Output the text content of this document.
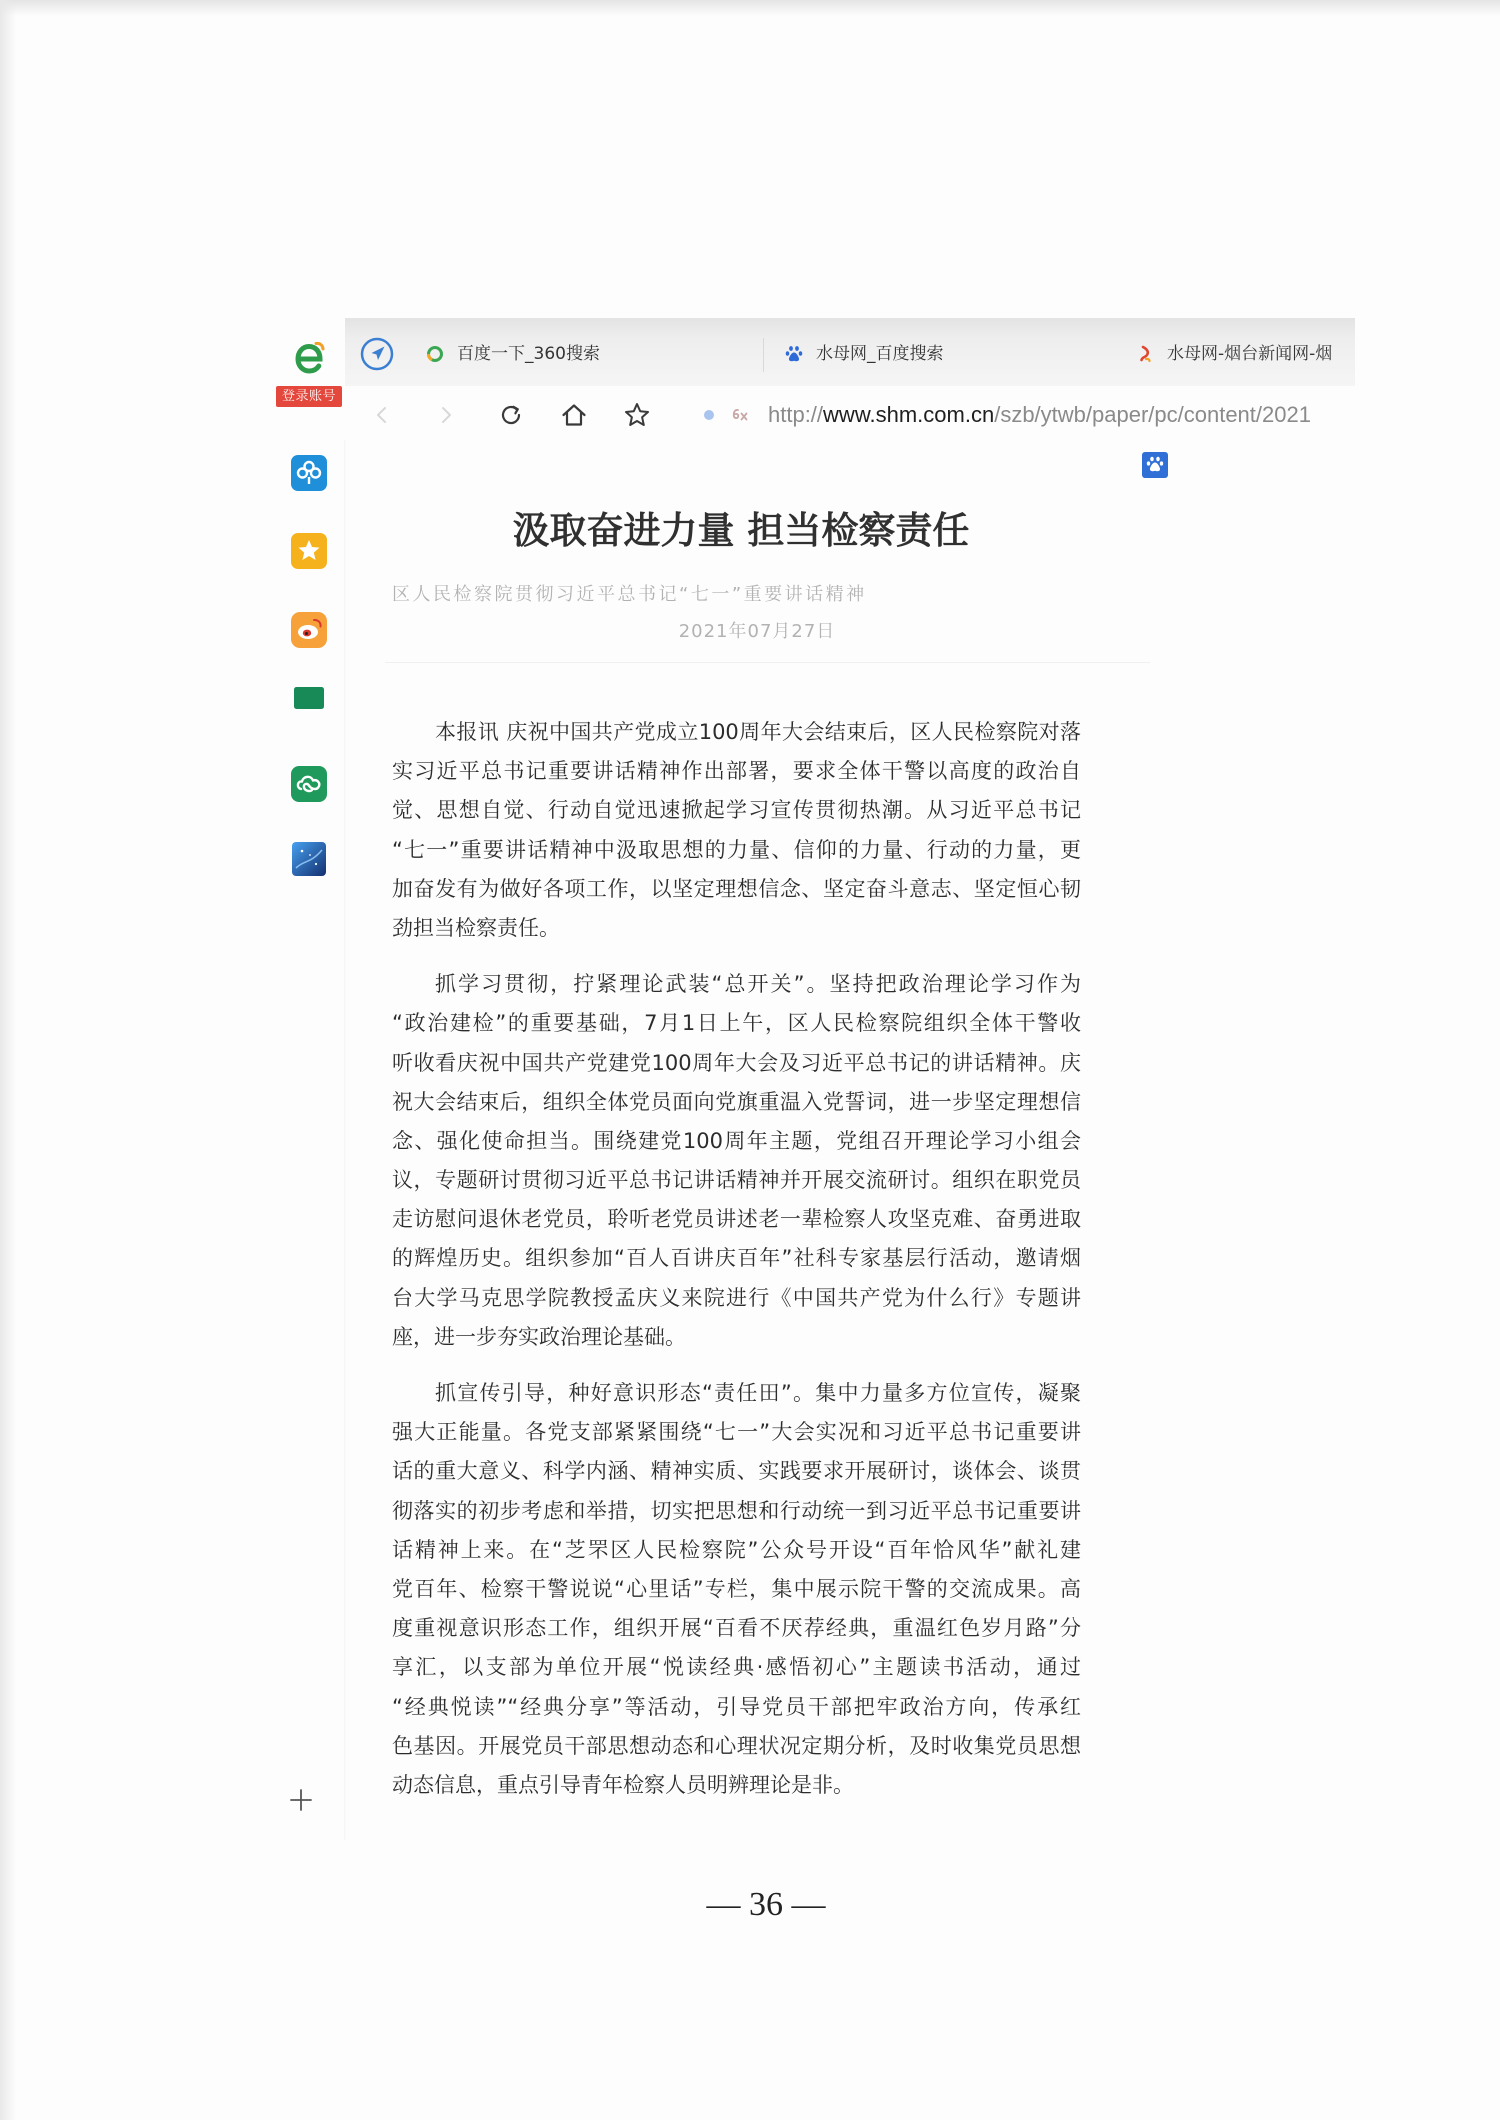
登录账号
百度一下_360搜索	水母网_百度搜索	水母网-烟台新闻网-烟
http://www.shm.com.cn/szb/ytwb/paper/pc/content/2021
汲取奋进力量 担当检察责任
区人民检察院贯彻习近平总书记“七一”重要讲话精神
2021年07月27日
本报讯 庆祝中国共产党成立100周年大会结束后，区人民检察院对落
实习近平总书记重要讲话精神作出部署，要求全体干警以高度的政治自
觉、思想自觉、行动自觉迅速掀起学习宣传贯彻热潮。从习近平总书记
“七一”重要讲话精神中汲取思想的力量、信仰的力量、行动的力量，更
加奋发有为做好各项工作，以坚定理想信念、坚定奋斗意志、坚定恒心韧
劲担当检察责任。
抓学习贯彻，拧紧理论武装“总开关”。坚持把政治理论学习作为
“政治建检”的重要基础，7月1日上午，区人民检察院组织全体干警收
听收看庆祝中国共产党建党100周年大会及习近平总书记的讲话精神。庆
祝大会结束后，组织全体党员面向党旗重温入党誓词，进一步坚定理想信
念、强化使命担当。围绕建党100周年主题，党组召开理论学习小组会
议，专题研讨贯彻习近平总书记讲话精神并开展交流研讨。组织在职党员
走访慰问退休老党员，聆听老党员讲述老一辈检察人攻坚克难、奋勇进取
的辉煌历史。组织参加“百人百讲庆百年”社科专家基层行活动，邀请烟
台大学马克思学院教授孟庆义来院进行《中国共产党为什么行》专题讲
座，进一步夯实政治理论基础。
抓宣传引导，种好意识形态“责任田”。集中力量多方位宣传，凝聚
强大正能量。各党支部紧紧围绕“七一”大会实况和习近平总书记重要讲
话的重大意义、科学内涵、精神实质、实践要求开展研讨，谈体会、谈贯
彻落实的初步考虑和举措，切实把思想和行动统一到习近平总书记重要讲
话精神上来。在“芝罘区人民检察院”公众号开设“百年恰风华”献礼建
党百年、检察干警说说“心里话”专栏，集中展示院干警的交流成果。高
度重视意识形态工作，组织开展“百看不厌荐经典，重温红色岁月路”分
享汇，以支部为单位开展“悦读经典·感悟初心”主题读书活动，通过
“经典悦读”“经典分享”等活动，引导党员干部把牢政治方向，传承红
色基因。开展党员干部思想动态和心理状况定期分析，及时收集党员思想
动态信息，重点引导青年检察人员明辨理论是非。
— 36 —
